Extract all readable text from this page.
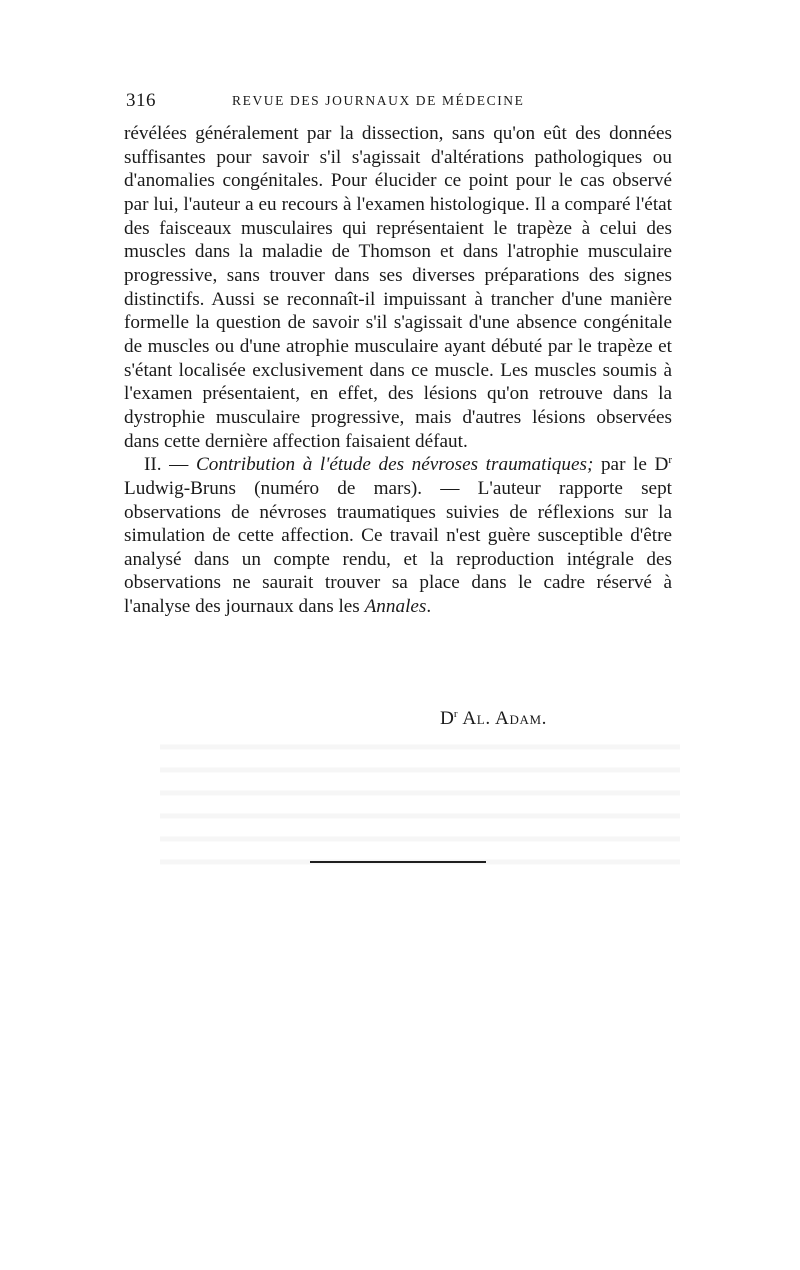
316	REVUE DES JOURNAUX DE MÉDECINE

révélées généralement par la dissection, sans qu'on eût des données suffisantes pour savoir s'il s'agissait d'altérations pathologiques ou d'anomalies congénitales. Pour élucider ce point pour le cas observé par lui, l'auteur a eu recours à l'examen histologique. Il a comparé l'état des faisceaux musculaires qui représentaient le trapèze à celui des muscles dans la maladie de Thomson et dans l'atrophie musculaire progressive, sans trouver dans ses diverses préparations des signes distinctifs. Aussi se reconnaît-il impuissant à trancher d'une manière formelle la question de savoir s'il s'agissait d'une absence congénitale de muscles ou d'une atrophie musculaire ayant débuté par le trapèze et s'étant localisée exclusivement dans ce muscle. Les muscles soumis à l'examen présentaient, en effet, des lésions qu'on retrouve dans la dystrophie musculaire progressive, mais d'autres lésions observées dans cette dernière affection faisaient défaut.

II. — Contribution à l'étude des névroses traumatiques; par le $D^r$ Ludwig-Bruns (numéro de mars). — L'auteur rapporte sept observations de névroses traumatiques suivies de réflexions sur la simulation de cette affection. Ce travail n'est guère susceptible d'être analysé dans un compte rendu, et la reproduction intégrale des observations ne saurait trouver sa place dans le cadre réservé à l'analyse des journaux dans les Annales.

$D^r$ Al. Adam.
